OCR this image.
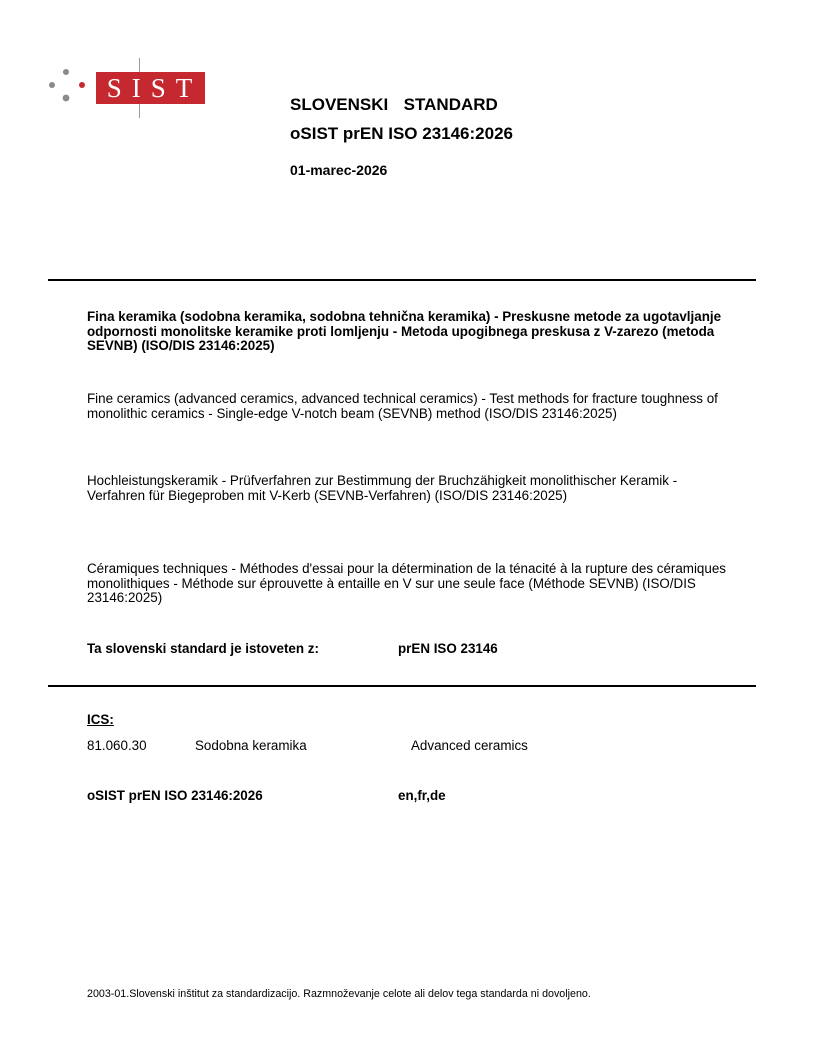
SIST
SLOVENSKI  STANDARD
oSIST prEN ISO 23146:2026
01-marec-2026
Fina keramika (sodobna keramika, sodobna tehnična keramika) - Preskusne metode za ugotavljanje odpornosti monolitske keramike proti lomljenju - Metoda upogibnega preskusa z V-zarezo (metoda SEVNB) (ISO/DIS 23146:2025)
Fine ceramics (advanced ceramics, advanced technical ceramics) - Test methods for fracture toughness of monolithic ceramics - Single-edge V-notch beam (SEVNB) method (ISO/DIS 23146:2025)
Hochleistungskeramik - Prüfverfahren zur Bestimmung der Bruchzähigkeit monolithischer Keramik - Verfahren für Biegeproben mit V-Kerb (SEVNB-Verfahren) (ISO/DIS 23146:2025)
Céramiques techniques - Méthodes d'essai pour la détermination de la ténacité à la rupture des céramiques monolithiques - Méthode sur éprouvette à entaille en V sur une seule face (Méthode SEVNB) (ISO/DIS 23146:2025)
Ta slovenski standard je istoveten z:	prEN ISO 23146
ICS:
81.060.30	Sodobna keramika	Advanced ceramics
oSIST prEN ISO 23146:2026	en,fr,de
2003-01.Slovenski inštitut za standardizacijo. Razmnoževanje celote ali delov tega standarda ni dovoljeno.
